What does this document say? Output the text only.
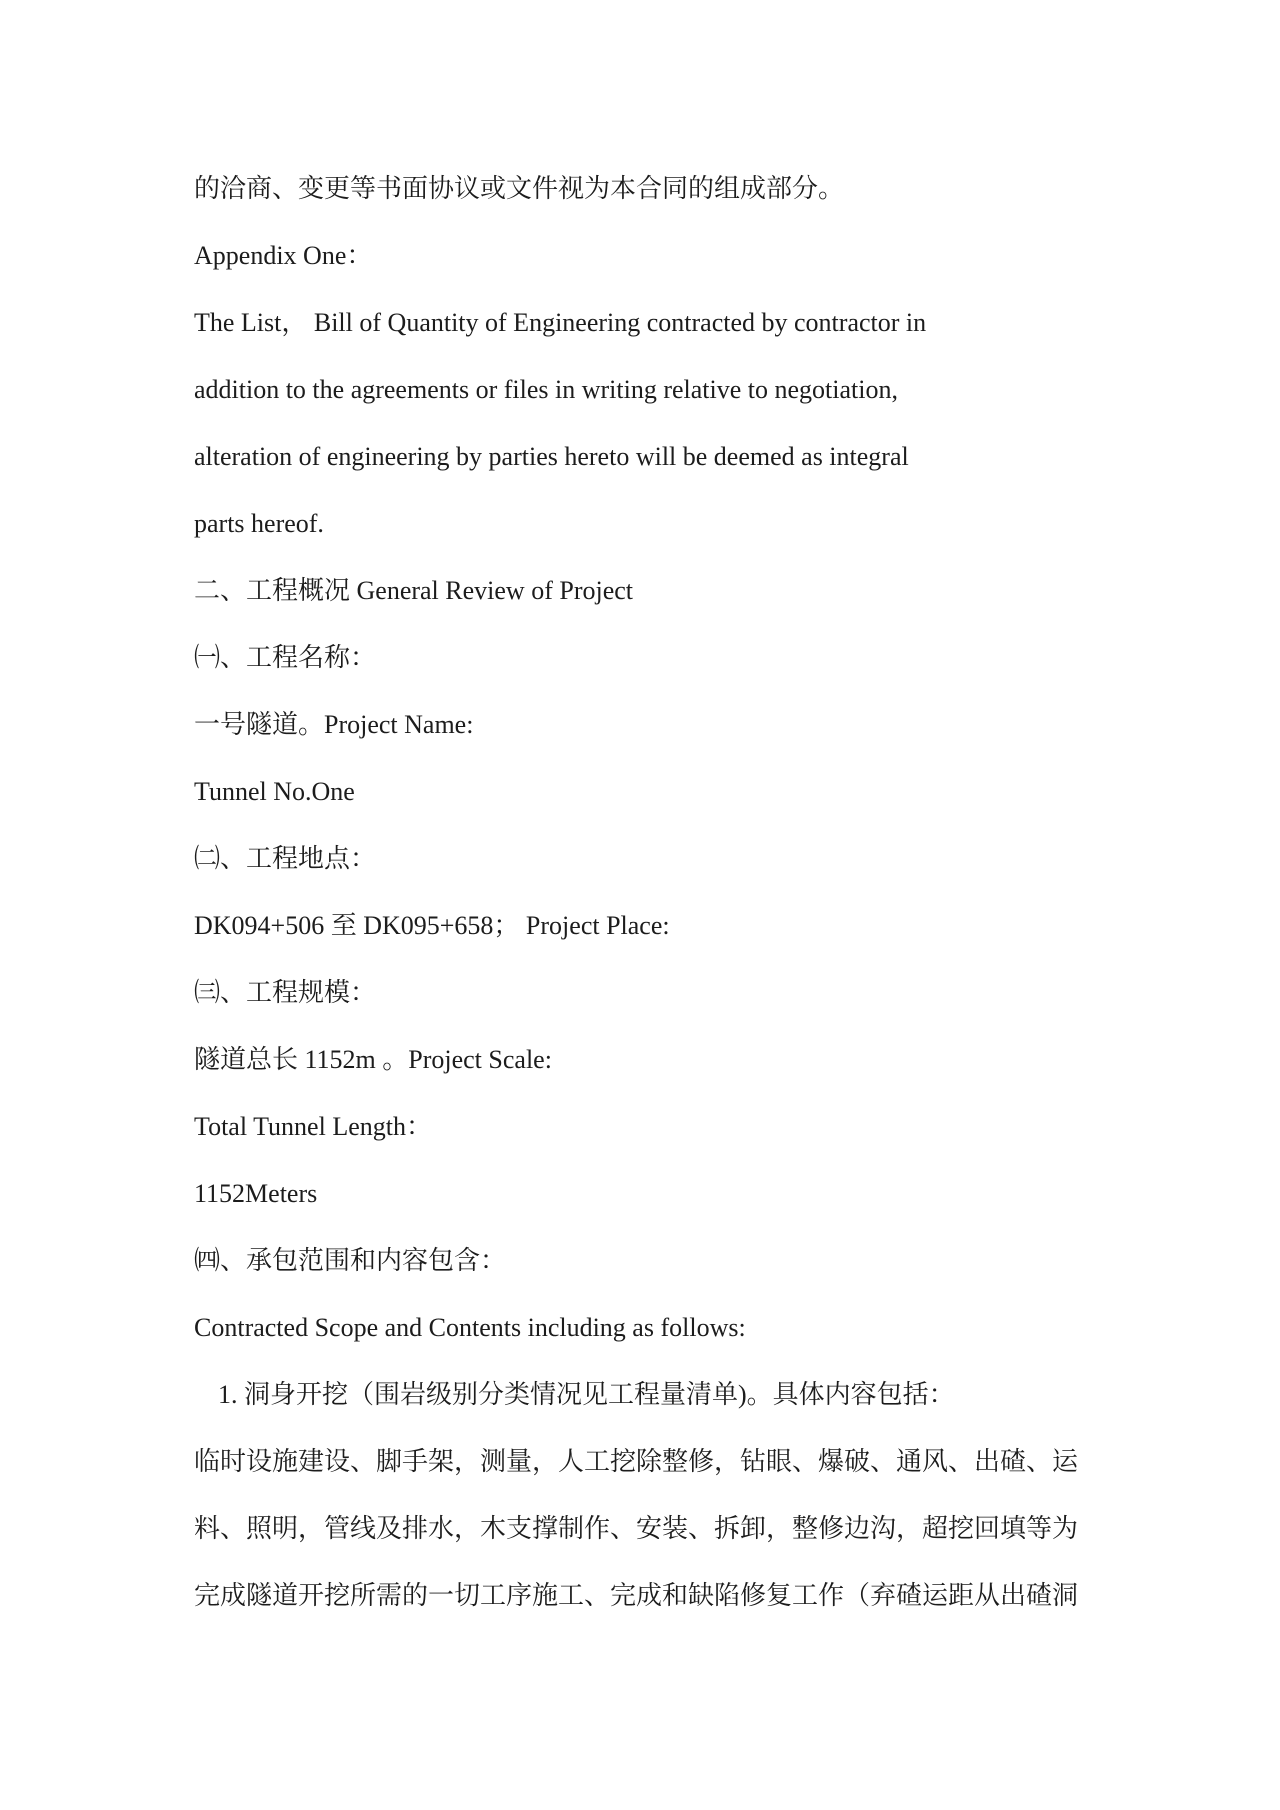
的洽商、变更等书面协议或文件视为本合同的组成部分。
Appendix One：
The List， Bill of Quantity of Engineering contracted by contractor in
addition to the agreements or files in writing relative to negotiation,
alteration of engineering by parties hereto will be deemed as integral
parts hereof.
二、工程概况 General Review of Project
㈠、工程名称：
一号隧道。Project Name:
Tunnel No.One
㈡、工程地点：
DK094+506 至 DK095+658； Project Place:
㈢、工程规模：
隧道总长 1152m 。Project Scale:
Total Tunnel Length：
1152Meters
㈣、承包范围和内容包含：
Contracted Scope and Contents including as follows:
1. 洞身开挖（围岩级别分类情况见工程量清单)。具体内容包括：
临时设施建设、脚手架，测量，人工挖除整修，钻眼、爆破、通风、出碴、运
料、照明，管线及排水，木支撑制作、安装、拆卸，整修边沟，超挖回填等为
完成隧道开挖所需的一切工序施工、完成和缺陷修复工作（弃碴运距从出碴洞
